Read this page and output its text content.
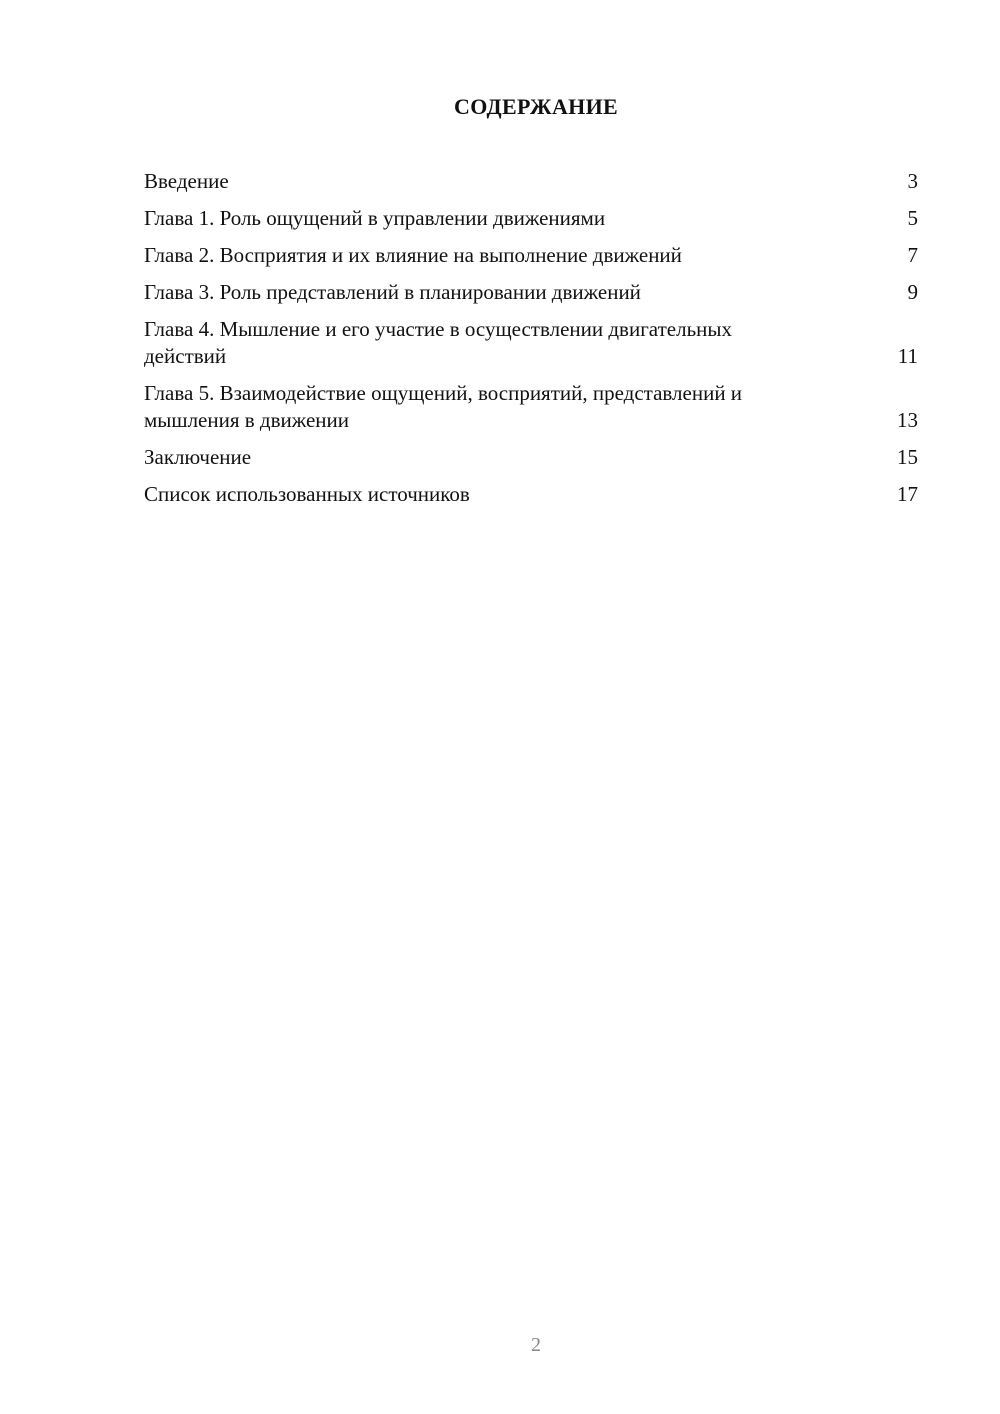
СОДЕРЖАНИЕ
Введение	3
Глава 1. Роль ощущений в управлении движениями	5
Глава 2. Восприятия и их влияние на выполнение движений	7
Глава 3. Роль представлений в планировании движений	9
Глава 4. Мышление и его участие в осуществлении двигательных действий	11
Глава 5. Взаимодействие ощущений, восприятий, представлений и мышления в движении	13
Заключение	15
Список использованных источников	17
2
